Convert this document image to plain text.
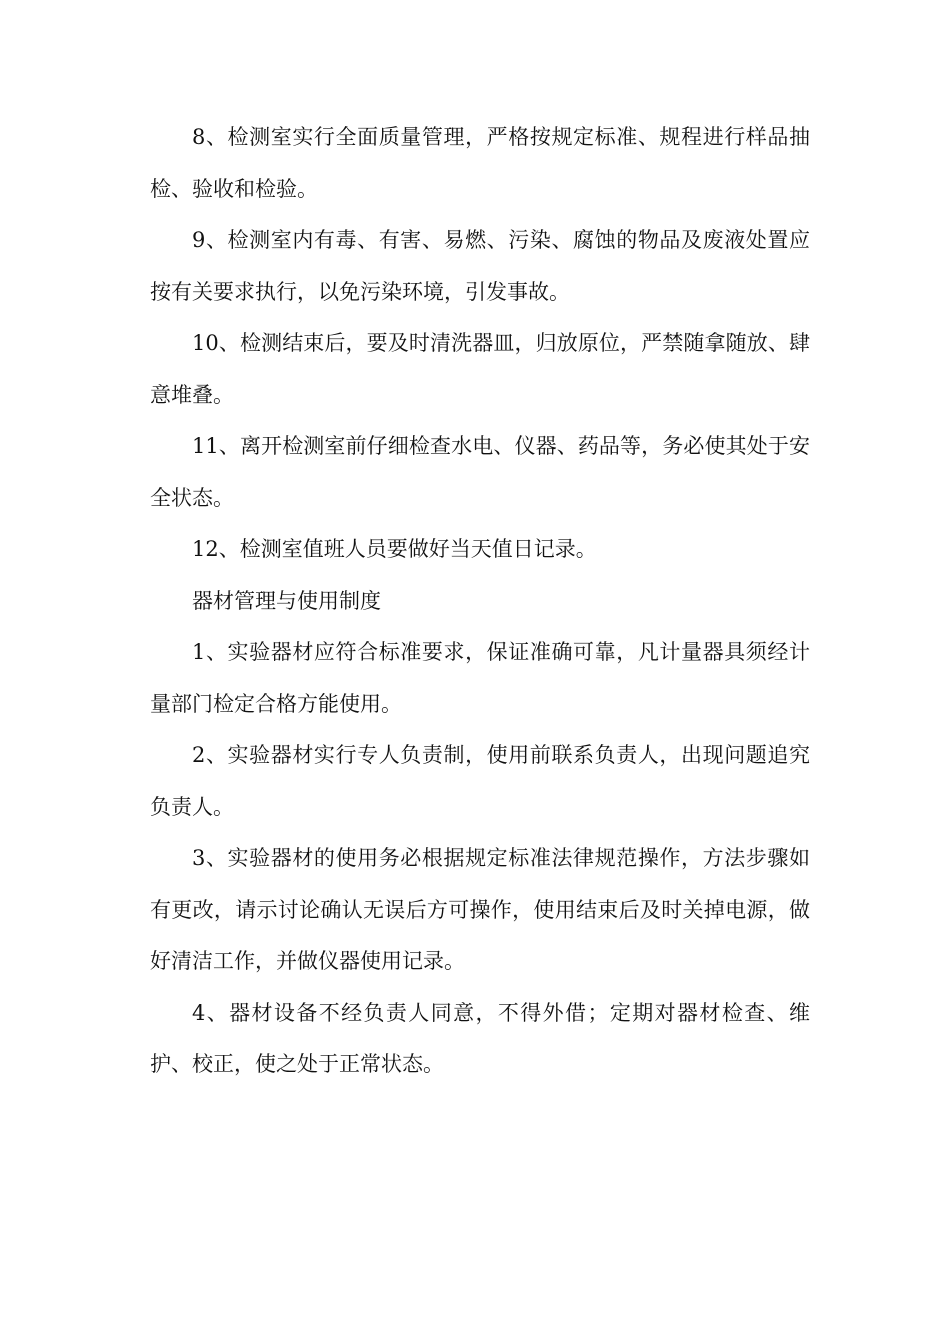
8、检测室实行全面质量管理，严格按规定标准、规程进行样品抽检、验收和检验。

9、检测室内有毒、有害、易燃、污染、腐蚀的物品及废液处置应按有关要求执行，以免污染环境，引发事故。

10、检测结束后，要及时清洗器皿，归放原位，严禁随拿随放、肆意堆叠。

11、离开检测室前仔细检查水电、仪器、药品等，务必使其处于安全状态。

12、检测室值班人员要做好当天值日记录。

器材管理与使用制度

1、实验器材应符合标准要求，保证准确可靠，凡计量器具须经计量部门检定合格方能使用。

2、实验器材实行专人负责制，使用前联系负责人，出现问题追究负责人。

3、实验器材的使用务必根据规定标准法律规范操作，方法步骤如有更改，请示讨论确认无误后方可操作，使用结束后及时关掉电源，做好清洁工作，并做仪器使用记录。

4、器材设备不经负责人同意，不得外借；定期对器材检查、维护、校正，使之处于正常状态。
